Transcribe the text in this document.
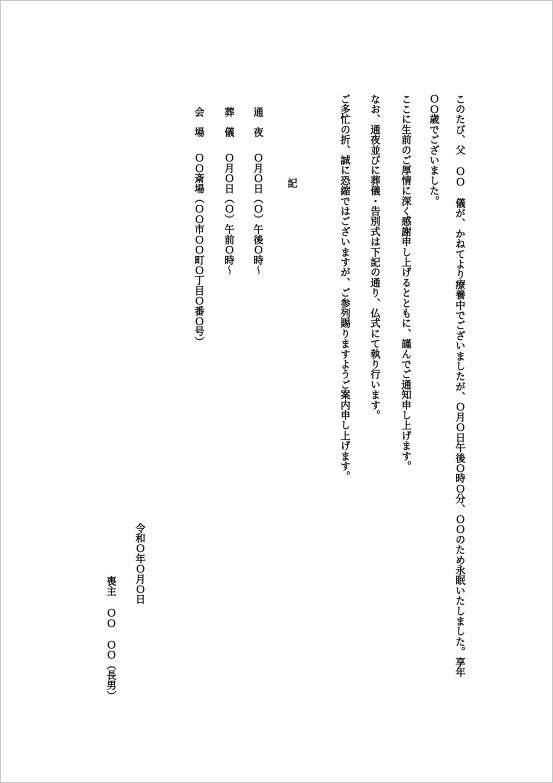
このたび、父 ＯＯ 儀が、かねてより療養中でございましたが、Ｏ月Ｏ日午後Ｏ時Ｏ分、ＯＯのため永眠いたしました。享年
ＯＯ歳でございました。
ここに生前のご厚情に深く感謝申し上げるとともに、謹んでご通知申し上げます。
なお、通夜並びに葬儀・告別式は下記の通り、仏式にて執り行います。
ご多忙の折、誠に恐縮ではございますが、ご参列賜りますようご案内申し上げます。
記
通　夜
Ｏ月Ｏ日（Ｏ）午後Ｏ時～
葬　儀
Ｏ月Ｏ日（Ｏ）午前Ｏ時～
会　場
ＯＯ斎場（ＯＯ市ＯＯ町Ｏ丁目Ｏ番Ｏ号）
令和Ｏ年Ｏ月Ｏ日
喪主
ＯＯ ＯＯ（長男）
